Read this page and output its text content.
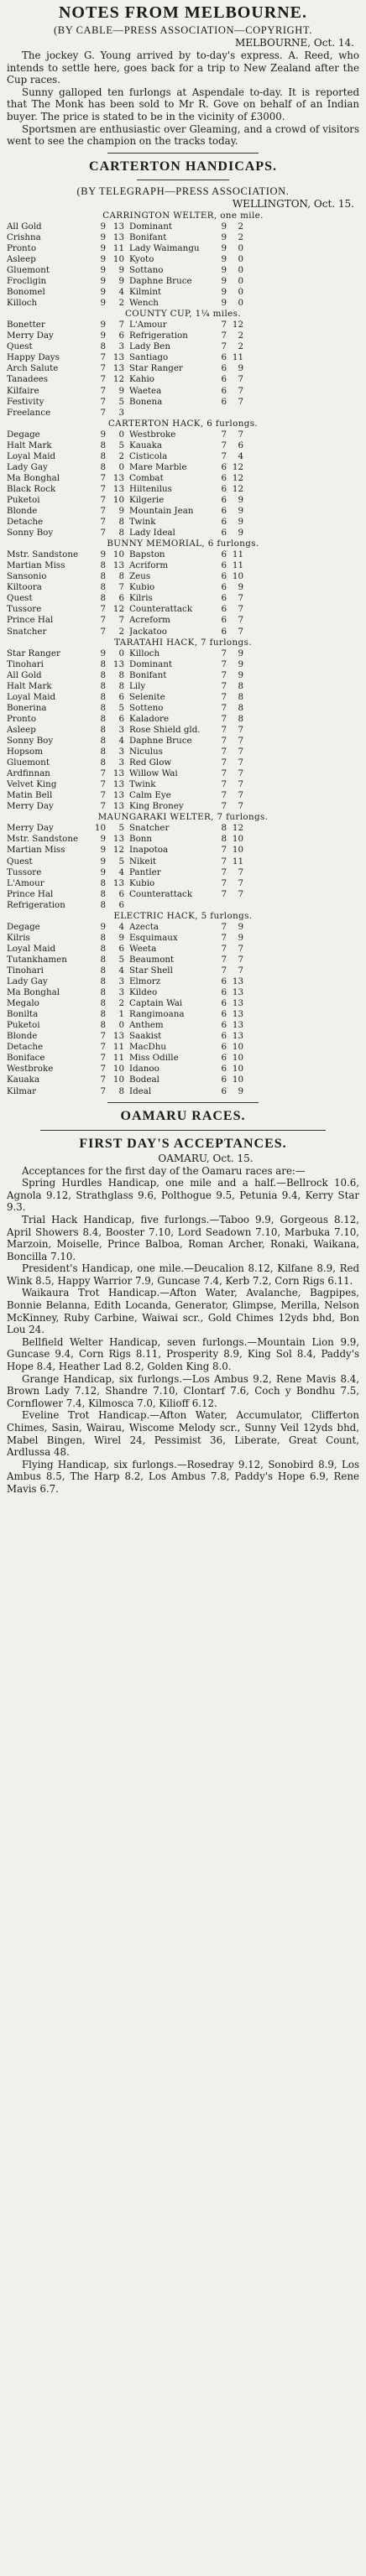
NOTES FROM MELBOURNE.

(BY CABLE—PRESS ASSOCIATION—COPYRIGHT.

MELBOURNE, Oct. 14.

The jockey G. Young arrived by to-day's express. A. Reed, who intends to settle here, goes back for a trip to New Zealand after the Cup races.

Sunny galloped ten furlongs at Aspendale to-day. It is reported that The Monk has been sold to Mr R. Gove on behalf of an Indian buyer. The price is stated to be in the vicinity of £3000.

Sportsmen are enthusiastic over Gleaming, and a crowd of visitors went to see the champion on the tracks today.

CARTERTON HANDICAPS.

(BY TELEGRAPH—PRESS ASSOCIATION.

WELLINGTON, Oct. 15.

CARRINGTON WELTER, one mile.
All Gold	9 13 Dominant	9	2
Crishna	9 13 Bonifant	9	2
Pronto	9 11 Lady Waimangu	9	0
Asleep	9 10 Kyoto	9	0
Gluemont	9	9 Sottano	9	0
Frocligin	9	9 Daphne Bruce	9	0
Bonomel	9	4 Kilmint	9	0
Killoch	9	2 Wench	9	0
COUNTY CUP, 1¼ miles.
Bonetter	9	7 L'Amour	7 12
Merry Day	9	6 Refrigeration	7	2
Quest	8	3 Lady Ben	7	2
Happy Days	7 13 Santiago	6 11
Arch Salute	7 13 Star Ranger	6	9
Tanadees	7 12 Kahio	6	7
Kilfaire	7	9 Waetea	6	7
Festivity	7	5 Bonena	6	7
Freelance	7	3
CARTERTON HACK, 6 furlongs.
Degage	9	0 Westbroke	7	7
Halt Mark	8	5 Kauaka	7	6
Loyal Maid	8	2 Cisticola	7	4
Lady Gay	8	0 Mare Marble	6 12
Ma Bonghal	7 13 Combat	6 12
Black Rock	7 13 Hiltenilus	6 12
Puketoi	7 10 Kilgerie	6	9
Blonde	7	9 Mountain Jean	6	9
Detache	7	8 Twink	6	9
Sonny Boy	7	8 Lady Ideal	6	9
BUNNY MEMORIAL, 6 furlongs.
Mstr. Sandstone	9 10 Bapston	6 11
Martian Miss	8 13 Acriform	6 11
Sansonio	8	8 Zeus	6 10
Kiltoora	8	7 Kubio	6	9
Quest	8	6 Kilris	6	7
Tussore	7 12 Counterattack	6	7
Prince Hal	7	7 Acreform	6	7
Snatcher	7	2 Jackatoo	6	7
TARATAHI HACK, 7 furlongs.
Star Ranger	9	0 Killoch	7	9
Tinohari	8 13 Dominant	7	9
All Gold	8	8 Bonifant	7	9
Halt Mark	8	8 Lily	7	8
Loyal Maid	8	6 Selenite	7	8
Bonerina	8	5 Sotteno	7	8
Pronto	8	6 Kaladore	7	8
Asleep	8	3 Rose Shield gld.	7	7
Sonny Boy	8	4 Daphne Bruce	7	7
Hopsom	8	3 Niculus	7	7
Gluemont	8	3 Red Glow	7	7
Ardfinnan	7 13 Willow Wai	7	7
Velvet King	7 13 Twink	7	7
Matin Bell	7 13 Calm Eye	7	7
Merry Day	7 13 King Broney	7	7
MAUNGARAKI WELTER, 7 furlongs.
Merry Day	10	5 Snatcher	8 12
Mstr. Sandstone	9 13 Bonn	8 10
Martian Miss	9 12 Inapotoa	7 10
Quest	9	5 Nikeit	7 11
Tussore	9	4 Pantler	7	7
L'Amour	8 13 Kubio	7	7
Prince Hal	8	6 Counterattack	7	7
Refrigeration	8	6
ELECTRIC HACK, 5 furlongs.
Degage	9	4 Azecta	7	9
Kilris	8	9 Esquimaux	7	9
Loyal Maid	8	6 Weeta	7	7
Tutankhamen	8	5 Beaumont	7	7
Tinohari	8	4 Star Shell	7	7
Lady Gay	8	3 Elmorz	6 13
Ma Bonghal	8	3 Kildeo	6 13
Megalo	8	2 Captain Wai	6 13
Bonilta	8	1 Rangimoana	6 13
Puketoi	8	0 Anthem	6 13
Blonde	7 13 Saakist	6 13
Detache	7 11 MacDhu	6 10
Boniface	7 11 Miss Odille	6 10
Westbroke	7 10 Idanoo	6 10
Kauaka	7 10 Bodeal	6 10
Kilmar	7	8 Ideal	6	9
OAMARU RACES.
FIRST DAY'S ACCEPTANCES.

OAMARU, Oct. 15.

Acceptances for the first day of the Oamaru races are:—

Spring Hurdles Handicap, one mile and a half.—Bellrock 10.6, Agnola 9.12, Strathglass 9.6, Polthogue 9.5, Petunia 9.4, Kerry Star 9.3.

Trial Hack Handicap, five furlongs.—Taboo 9.9, Gorgeous 8.12, April Showers 8.4, Booster 7.10, Lord Seadown 7.10, Marbuka 7.10, Marzoin, Moiselle, Prince Balboa, Roman Archer, Ronaki, Waikana, Boncilla 7.10.

President's Handicap, one mile.—Deucalion 8.12, Kilfane 8.9, Red Wink 8.5, Happy Warrior 7.9, Guncase 7.4, Kerb 7.2, Corn Rigs 6.11.

Waikaura Trot Handicap.—Afton Water, Avalanche, Bagpipes, Bonnie Belanna, Edith Locanda, Generator, Glimpse, Merilla, Nelson McKinney, Ruby Carbine, Waiwai scr., Gold Chimes 12yds bhd, Bon Lou 24.

Bellfield Welter Handicap, seven furlongs.—Mountain Lion 9.9, Guncase 9.4, Corn Rigs 8.11, Prosperity 8.9, King Sol 8.4, Paddy's Hope 8.4, Heather Lad 8.2, Golden King 8.0.

Grange Handicap, six furlongs.—Los Ambus 9.2, Rene Mavis 8.4, Brown Lady 7.12, Shandre 7.10, Clontarf 7.6, Coch y Bondhu 7.5, Cornflower 7.4, Kilmosca 7.0, Kilioff 6.12.

Eveline Trot Handicap.—Afton Water, Accumulator, Clifferton Chimes, Sasin, Wairau, Wiscome Melody scr., Sunny Veil 12yds bhd, Mabel Bingen, Wirel 24, Pessimist 36, Liberate, Great Count, Ardlussa 48.

Flying Handicap, six furlongs.—Rosedray 9.12, Sonobird 8.9, Los Ambus 8.5, The Harp 8.2, Los Ambus 7.8, Paddy's Hope 6.9, Rene Mavis 6.7.
